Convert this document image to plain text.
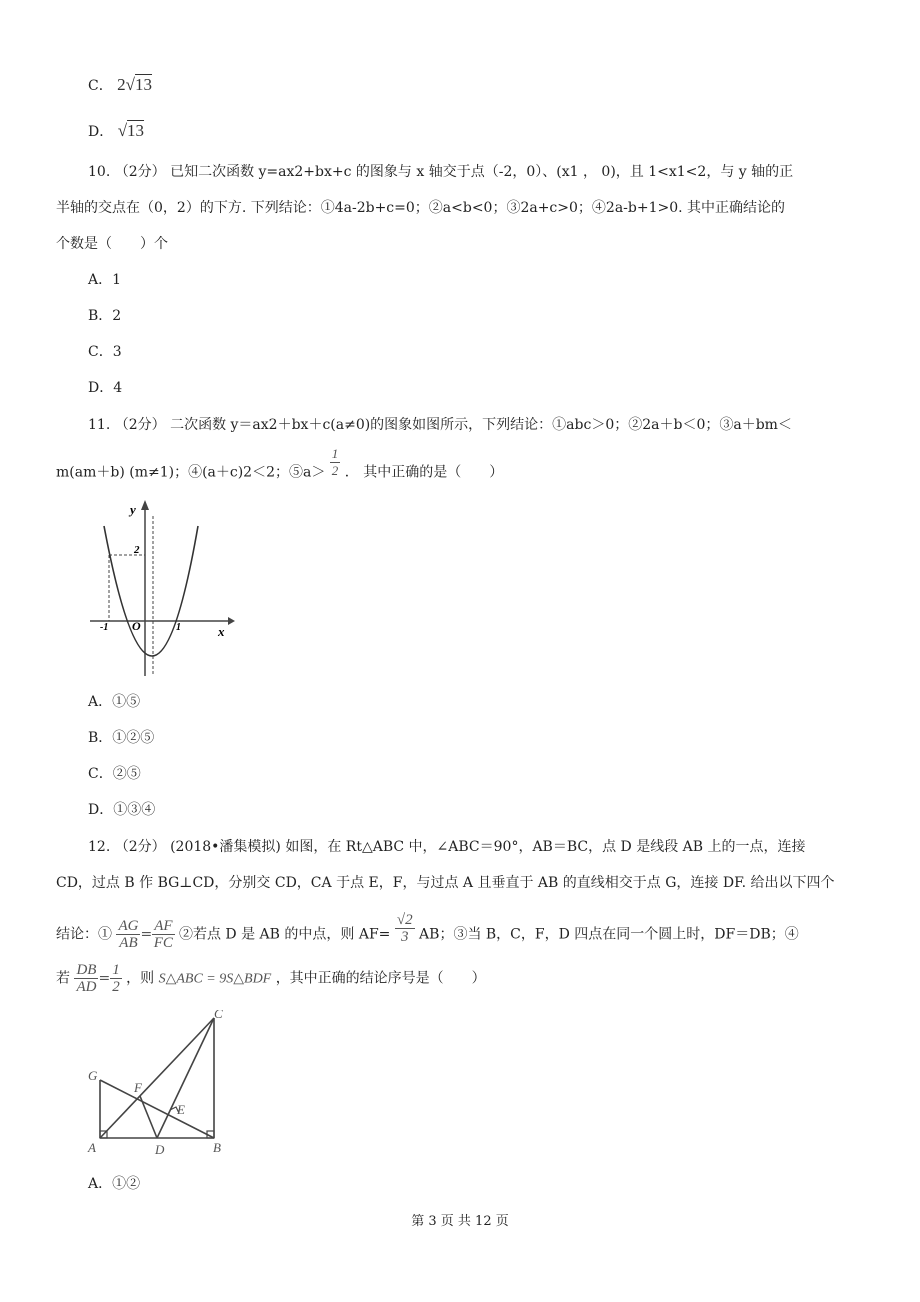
C． 2√13
D． √13
10. （2分） 已知二次函数 y=ax2+bx+c 的图象与 x 轴交于点（-2，0）、(x1 ， 0)，且 1<x1<2，与 y 轴的正
半轴的交点在（0，2）的下方. 下列结论：①4a-2b+c=0；②a<b<0；③2a+c>0；④2a-b+1>0. 其中正确结论的
个数是（　　）个
A．1
B．2
C．3
D．4
11. （2分） 二次函数 y＝ax2＋bx＋c(a≠0)的图象如图所示，下列结论：①abc＞0；②2a＋b＜0；③a＋bm＜
m(am＋b) (m≠1)；④(a＋c)2＜2；⑤a＞ $\frac{1}{2}$ ． 其中正确的是（　　）
y
x
O
2
-1	1
A．①⑤
B．①②⑤
C．②⑤
D．①③④
12. （2分） (2018•潘集模拟) 如图，在 Rt△ABC 中，∠ABC＝90°，AB＝BC，点 D 是线段 AB 上的一点，连接
CD，过点 B 作 BG⊥CD，分别交 CD，CA 于点 E，F，与过点 A 且垂直于 AB 的直线相交于点 G，连接 DF. 给出以下四个
结论：① $\frac{AG}{AB} = \frac{AF}{FC}$ ②若点 D 是 AB 的中点，则 $AF= \frac{√2}{3}$ AB；③当 B，C，F，D 四点在同一个圆上时，DF＝DB；④
若 $\frac{DB}{AD} = \frac{1}{2}$ ，则 S△ABC = 9S△BDF ，其中正确的结论序号是（　　）
C
G
F
E
A	D	B
A．①②
第 3 页 共 12 页
